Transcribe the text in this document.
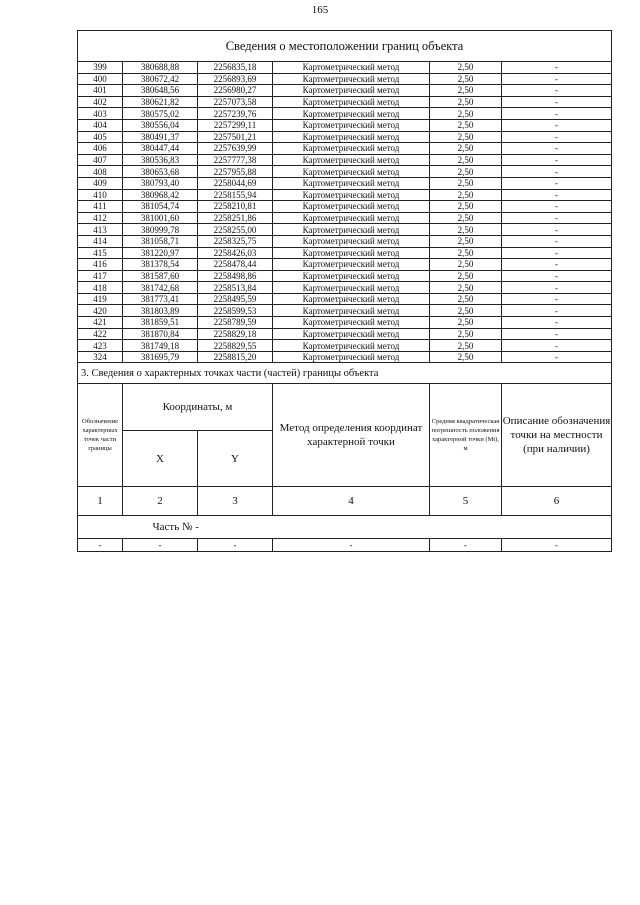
165
Сведения о местоположении границ объекта					
399	380688,88	2256835,18	Картометрический метод	2,50	-
400	380672,42	2256893,69	Картометрический метод	2,50	-
401	380648,56	2256980,27	Картометрический метод	2,50	-
402	380621,82	2257073,58	Картометрический метод	2,50	-
403	380575,02	2257239,76	Картометрический метод	2,50	-
404	380556,04	2257299,11	Картометрический метод	2,50	-
405	380491,37	2257501,21	Картометрический метод	2,50	-
406	380447,44	2257639,99	Картометрический метод	2,50	-
407	380536,83	2257777,38	Картометрический метод	2,50	-
408	380653,68	2257955,88	Картометрический метод	2,50	-
409	380793,40	2258044,69	Картометрический метод	2,50	-
410	380968,42	2258155,94	Картометрический метод	2,50	-
411	381054,74	2258210,81	Картометрический метод	2,50	-
412	381001,60	2258251,86	Картометрический метод	2,50	-
413	380999,78	2258255,00	Картометрический метод	2,50	-
414	381058,71	2258325,75	Картометрический метод	2,50	-
415	381220,97	2258426,03	Картометрический метод	2,50	-
416	381378,54	2258478,44	Картометрический метод	2,50	-
417	381587,60	2258498,86	Картометрический метод	2,50	-
418	381742,68	2258513,84	Картометрический метод	2,50	-
419	381773,41	2258495,59	Картометрический метод	2,50	-
420	381803,89	2258599,53	Картометрический метод	2,50	-
421	381859,51	2258789,59	Картометрический метод	2,50	-
422	381870,84	2258829,18	Картометрический метод	2,50	-
423	381749,18	2258829,55	Картометрический метод	2,50	-
324	381695,79	2258815,20	Картометрический метод	2,50	-
3. Сведения о характерных точках части (частей) границы объекта					
Обозначение характерных точек части границы	Координаты, м		Метод определения координат характерной точки	Средняя квадратическая погрешность положения характерной точки (Мt), м	Описание обозначения точки на местности (при наличии)
	X	Y			
1	2	3	4	5	6
	Часть № -				
-	-	-	-	-	-
